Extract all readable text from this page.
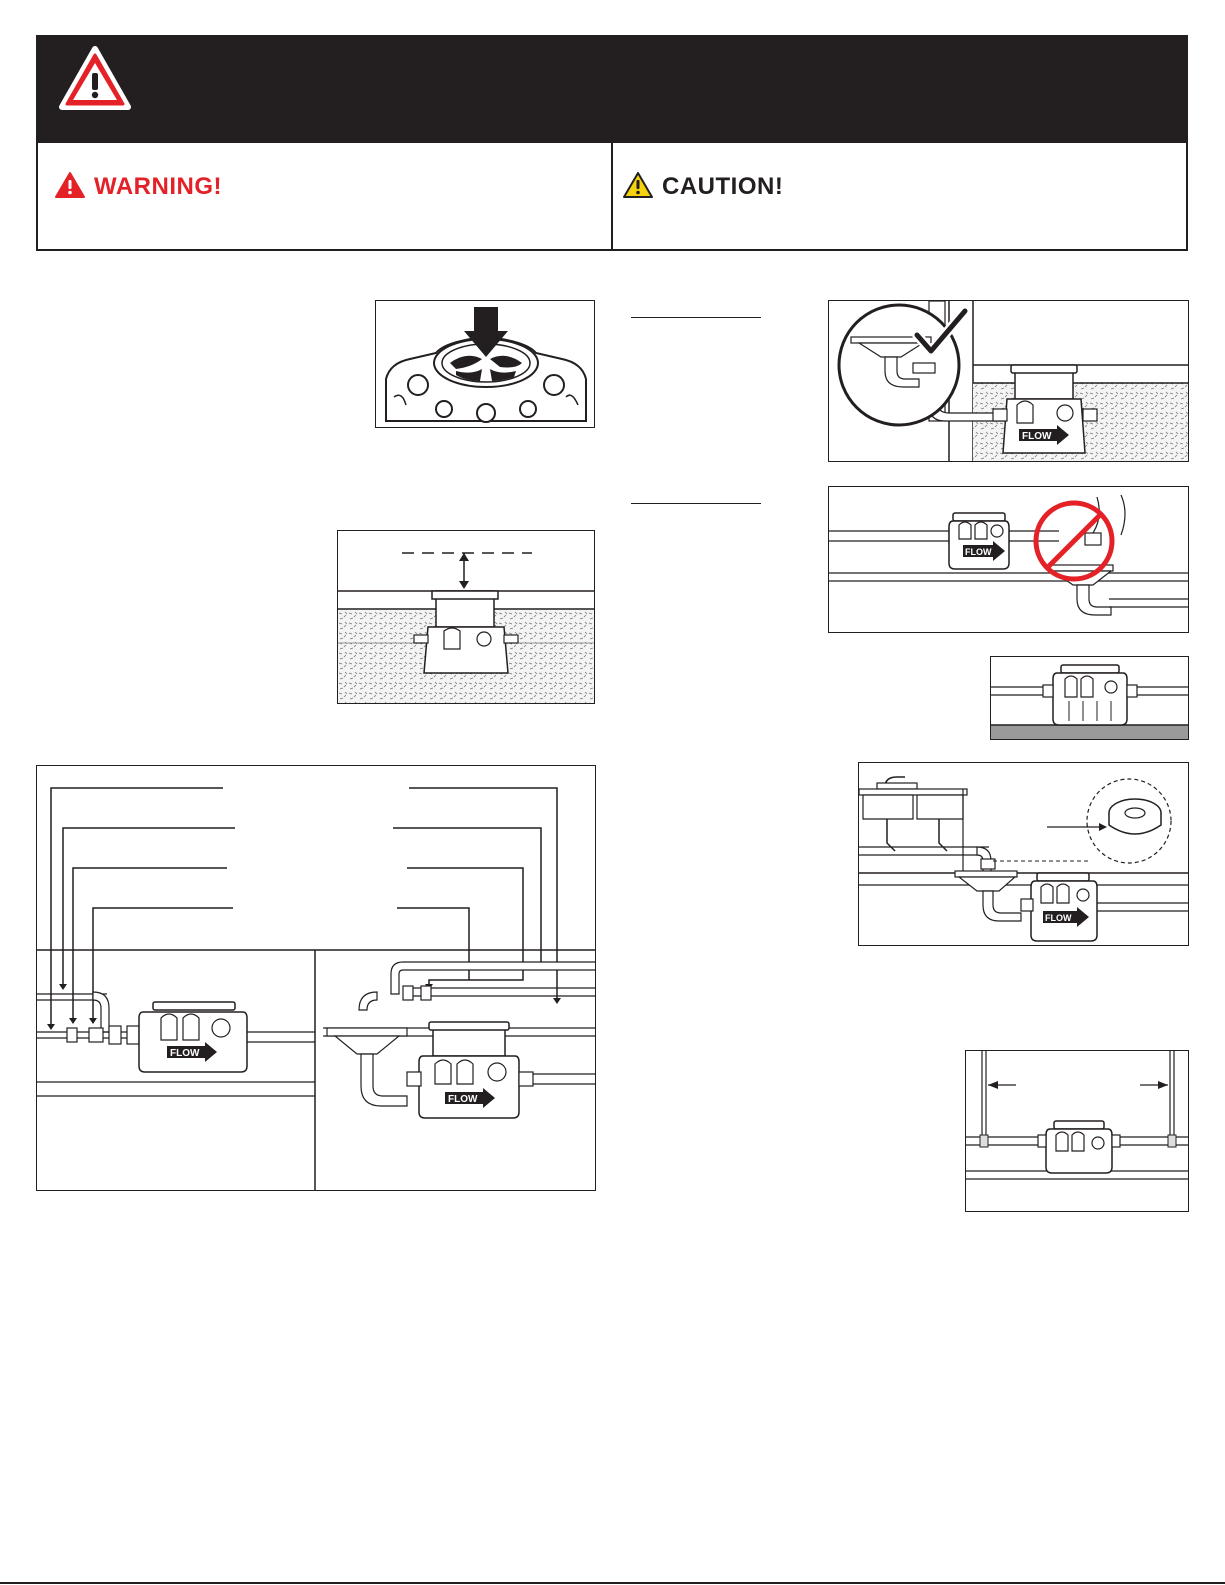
WARNING!	CAUTION!
FLOW
FLOW
FLOW
FLOW
FLOW
